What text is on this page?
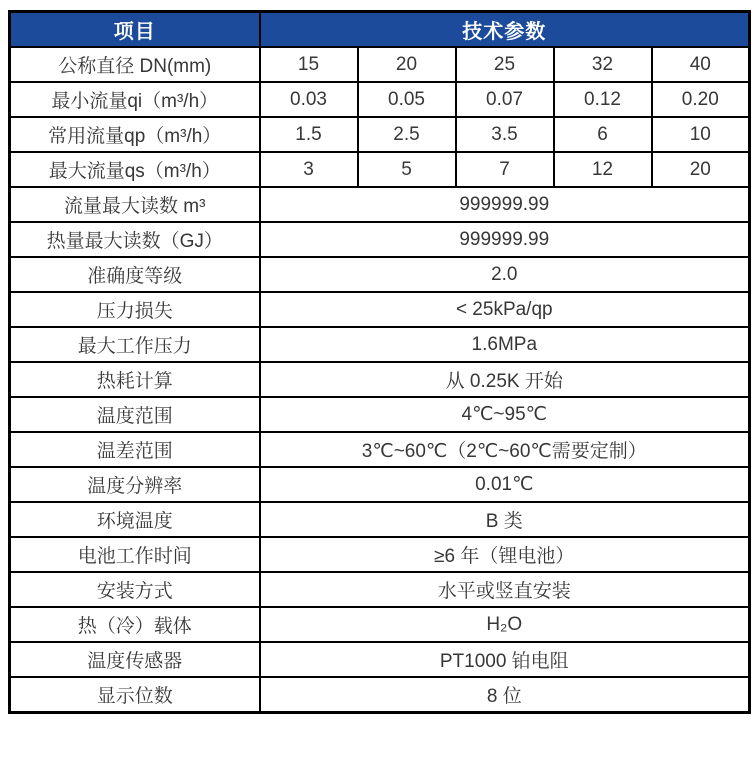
项目	技术参数				
公称直径 DN(mm)	15	20	25	32	40
最小流量qi（m³/h）	0.03	0.05	0.07	0.12	0.20
常用流量qp（m³/h）	1.5	2.5	3.5	6	10
最大流量qs（m³/h）	3	5	7	12	20
流量最大读数 m³	999999.99				
热量最大读数（GJ）	999999.99				
准确度等级	2.0				
压力损失	< 25kPa/qp				
最大工作压力	1.6MPa				
热耗计算	从 0.25K 开始				
温度范围	4℃~95℃				
温差范围	3℃~60℃（2℃~60℃需要定制）				
温度分辨率	0.01℃				
环境温度	B 类				
电池工作时间	≥6 年（锂电池）				
安装方式	水平或竖直安装				
热（冷）载体	H₂O				
温度传感器	PT1000 铂电阻				
显示位数	8 位				
